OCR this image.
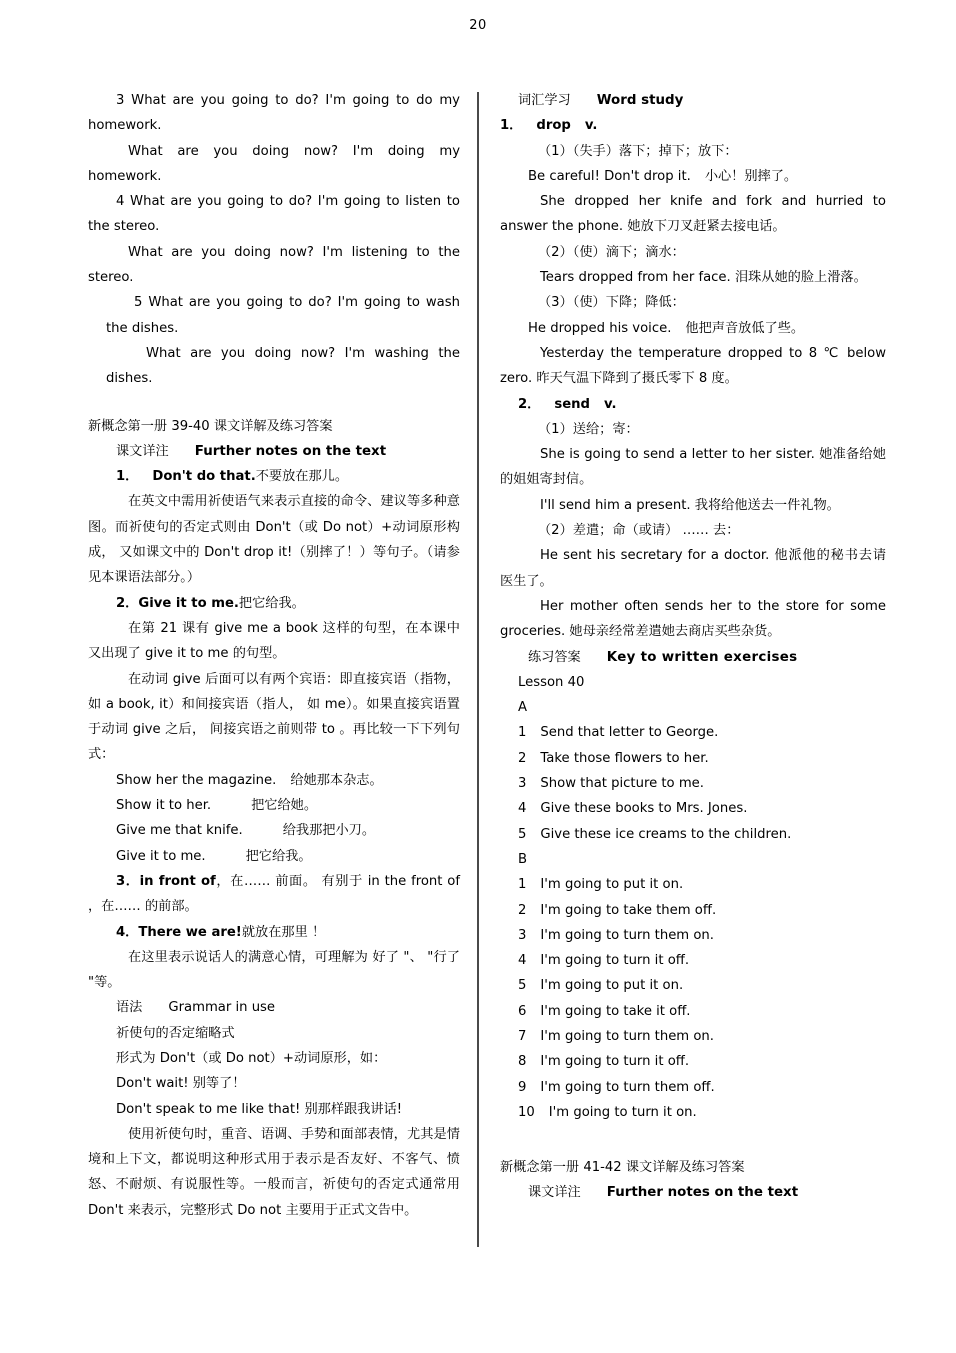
20

3 What are you going to do? I'm going to do my homework.

What are you doing now? I'm doing my homework.

4 What are you going to do? I'm going to listen to the stereo.

What are you doing now? I'm listening to the stereo.

5 What are you going to do? I'm going to wash the dishes.

What are you doing now? I'm washing the dishes.

新概念第一册 39-40 课文详解及练习答案

课文详注 Further notes on the text

1． Don't do that.不要放在那儿。

在英文中需用祈使语气来表示直接的命令、建议等多种意图。而祈使句的否定式则由 Don't（或 Do not）+动词原形构成， 又如课文中的 Don't drop it!（别摔了！）等句子。（请参见本课语法部分。）

2．Give it to me.把它给我。

在第 21 课有 give me a book 这样的句型，在本课中又出现了 give it to me 的句型。

在动词 give 后面可以有两个宾语：即直接宾语（指物， 如 a book, it）和间接宾语（指人， 如 me）。如果直接宾语置于动词 give 之后， 间接宾语之前则带 to 。再比较一下下列句式：

Show her the magazine. 给她那本杂志。

Show it to her.	把它给她。

Give me that knife.	给我那把小刀。

Give it to me.	把它给我。

3．in front of，在…… 前面。 有别于 in the front of ，在…… 的前部。

4．There we are!就放在那里 ！

在这里表示说话人的满意心情，可理解为 好了 "、 "行了 "等。

语法 Grammar in use

祈使句的否定缩略式

形式为 Don't（或 Do not）+动词原形，如：

Don't wait! 别等了！

Don't speak to me like that! 别那样跟我讲话!

使用祈使句时，重音、语调、手势和面部表情，尤其是情境和上下文，都说明这种形式用于表示是否友好、不客气、愤怒、不耐烦、有说服性等。一般而言，祈使句的否定式通常用 Don't 来表示，完整形式 Do not 主要用于正式文告中。

词汇学习 Word study

1． drop v.

（1）（失手）落下；掉下；放下：

Be careful! Don't drop it. 小心！别摔了。

She dropped her knife and fork and hurried to answer the phone. 她放下刀叉赶紧去接电话。

（2）（使）滴下；滴水：

Tears dropped from her face. 泪珠从她的脸上滑落。

（3）（使）下降；降低：

He dropped his voice. 他把声音放低了些。

Yesterday the temperature dropped to 8 ℃ below zero. 昨天气温下降到了摄氏零下 8 度。

2． send v.

（1）送给；寄：

She is going to send a letter to her sister. 她准备给她的姐姐寄封信。

I'll send him a present. 我将给他送去一件礼物。

（2）差遣；命（或请） …… 去：

He sent his secretary for a doctor. 他派他的秘书去请医生了。

Her mother often sends her to the store for some groceries. 她母亲经常差遣她去商店买些杂货。

练习答案 Key to written exercises

Lesson 40

A

1 Send that letter to George.

2 Take those flowers to her.

3 Show that picture to me.

4 Give these books to Mrs. Jones.

5 Give these ice creams to the children.

B

1 I'm going to put it on.

2 I'm going to take them off.

3 I'm going to turn them on.

4 I'm going to turn it off.

5 I'm going to put it on.

6 I'm going to take it off.

7 I'm going to turn them on.

8 I'm going to turn it off.

9 I'm going to turn them off.

10 I'm going to turn it on.

新概念第一册 41-42 课文详解及练习答案

课文详注 Further notes on the text
